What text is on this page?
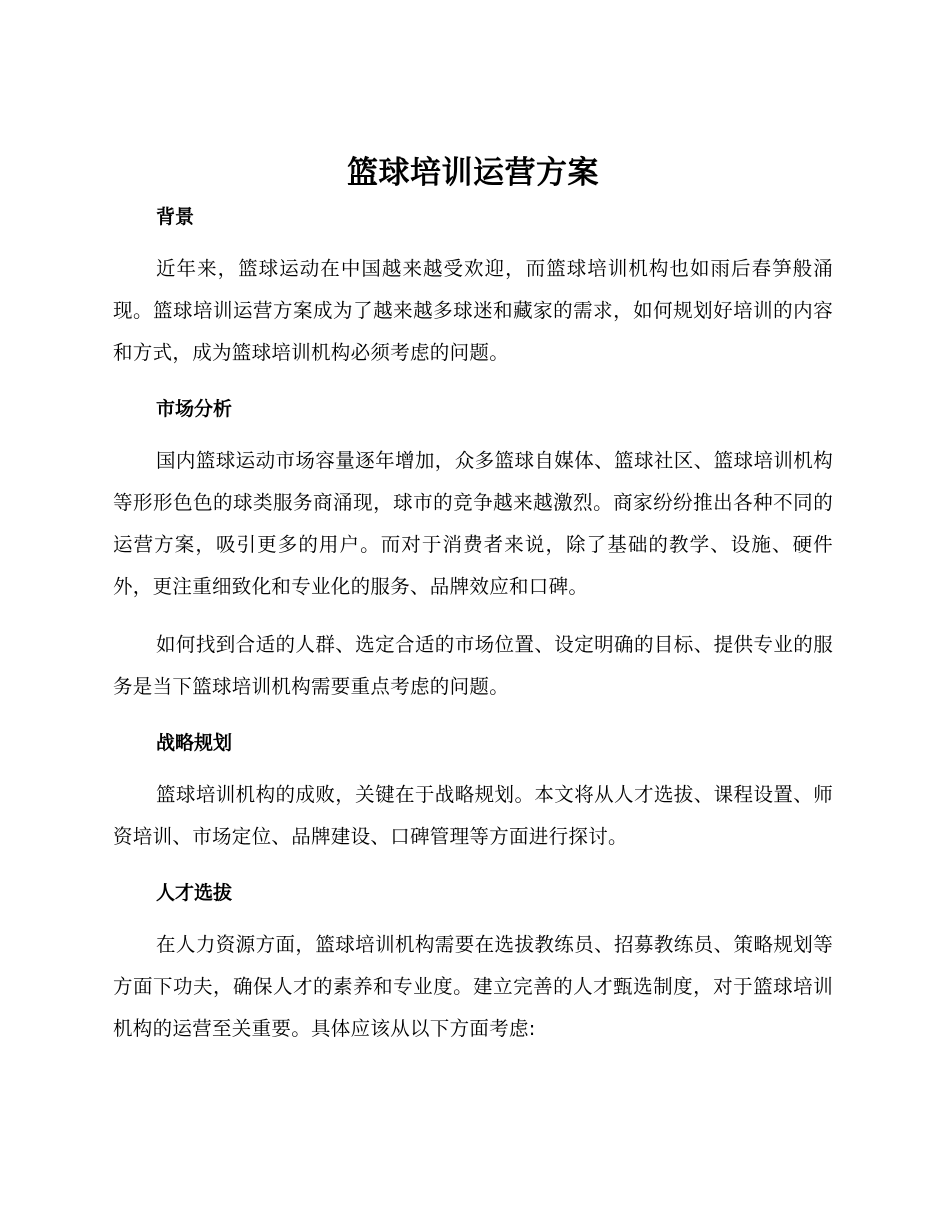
篮球培训运营方案
背景

近年来，篮球运动在中国越来越受欢迎，而篮球培训机构也如雨后春笋般涌现。篮球培训运营方案成为了越来越多球迷和藏家的需求，如何规划好培训的内容和方式，成为篮球培训机构必须考虑的问题。

市场分析

国内篮球运动市场容量逐年增加，众多篮球自媒体、篮球社区、篮球培训机构等形形色色的球类服务商涌现，球市的竞争越来越激烈。商家纷纷推出各种不同的运营方案，吸引更多的用户。而对于消费者来说，除了基础的教学、设施、硬件外，更注重细致化和专业化的服务、品牌效应和口碑。

如何找到合适的人群、选定合适的市场位置、设定明确的目标、提供专业的服务是当下篮球培训机构需要重点考虑的问题。

战略规划

篮球培训机构的成败，关键在于战略规划。本文将从人才选拔、课程设置、师资培训、市场定位、品牌建设、口碑管理等方面进行探讨。

人才选拔

在人力资源方面，篮球培训机构需要在选拔教练员、招募教练员、策略规划等方面下功夫，确保人才的素养和专业度。建立完善的人才甄选制度，对于篮球培训机构的运营至关重要。具体应该从以下方面考虑:
